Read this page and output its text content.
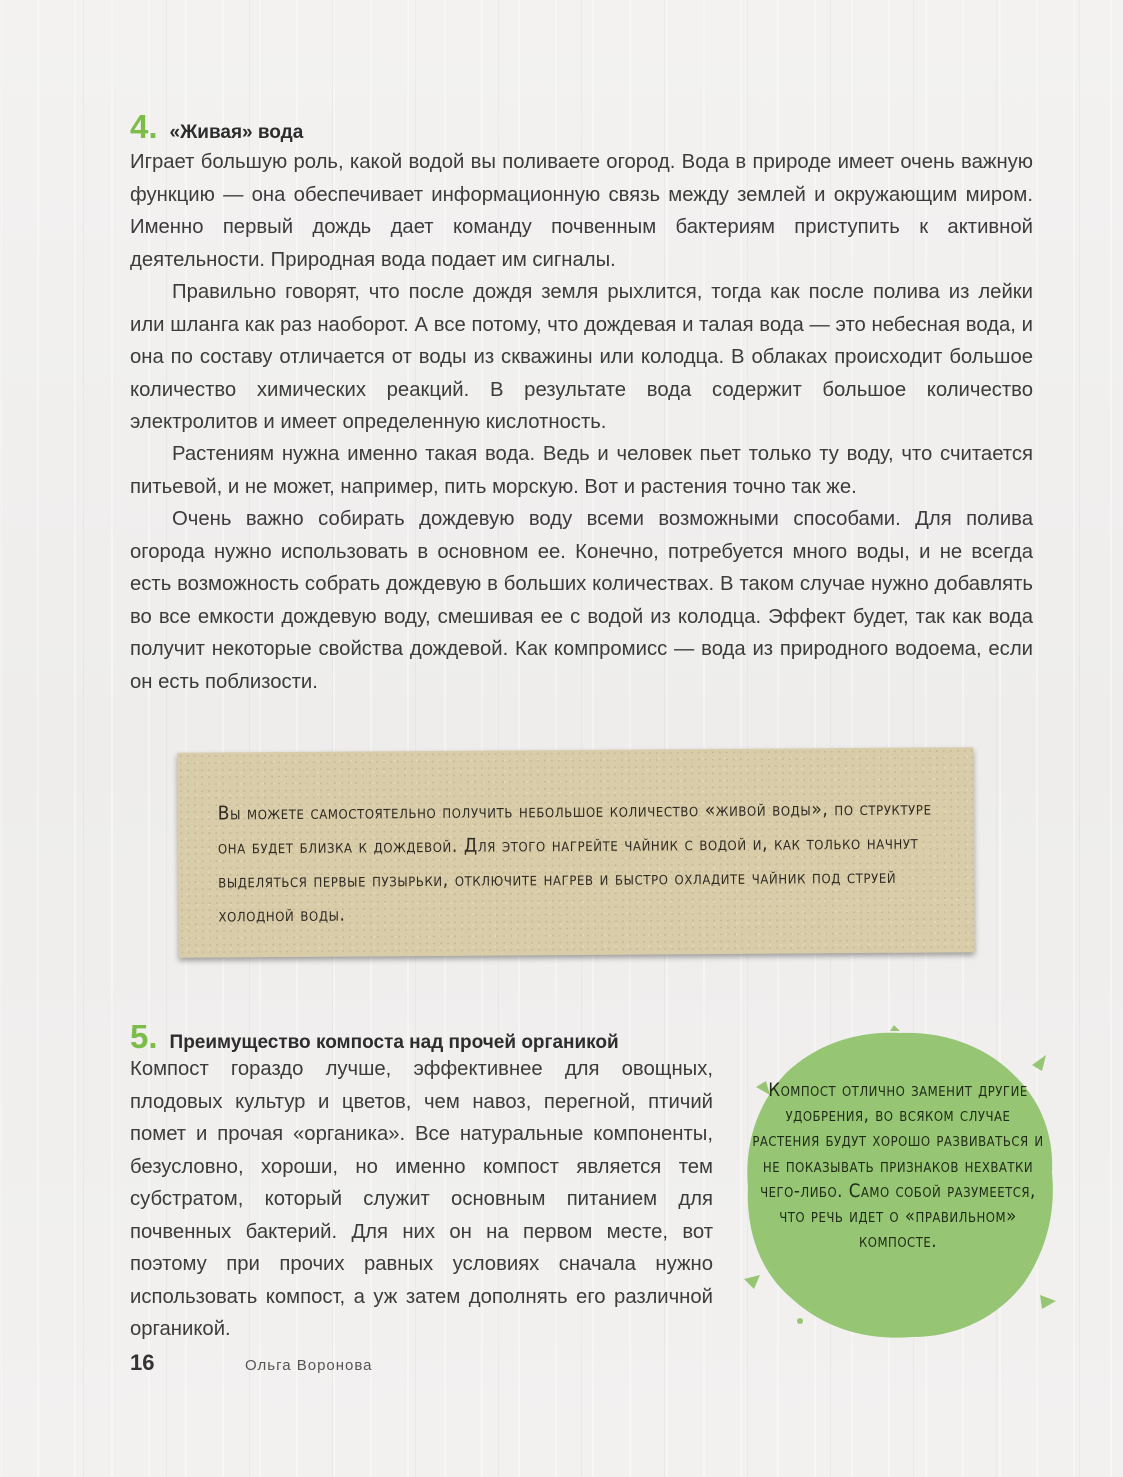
4. «Живая» вода

Играет большую роль, какой водой вы поливаете огород. Вода в природе имеет очень важную функцию — она обеспечивает информационную связь между землей и окружающим миром. Именно первый дождь дает команду почвенным бактериям приступить к активной деятельности. Природная вода подает им сигналы.

Правильно говорят, что после дождя земля рыхлится, тогда как после полива из лейки или шланга как раз наоборот. А все потому, что дождевая и талая вода — это небесная вода, и она по составу отличается от воды из скважины или колодца. В облаках происходит большое количество химических реакций. В результате вода содержит большое количество электролитов и имеет определенную кислотность.

Растениям нужна именно такая вода. Ведь и человек пьет только ту воду, что считается питьевой, и не может, например, пить морскую. Вот и растения точно так же.

Очень важно собирать дождевую воду всеми возможными способами. Для полива огорода нужно использовать в основном ее. Конечно, потребуется много воды, и не всегда есть возможность собрать дождевую в больших количествах. В таком случае нужно добавлять во все емкости дождевую воду, смешивая ее с водой из колодца. Эффект будет, так как вода получит некоторые свойства дождевой. Как компромисс — вода из природного водоема, если он есть поблизости.

Вы можете самостоятельно получить небольшое количество «живой воды», по структуре она будет близка к дождевой. Для этого нагрейте чайник с водой и, как только начнут выделяться первые пузырьки, отключите нагрев и быстро охладите чайник под струей холодной воды.

5. Преимущество компоста над прочей органикой

Компост гораздо лучше, эффективнее для овощных, плодовых культур и цветов, чем навоз, перегной, птичий помет и прочая «органика». Все натуральные компоненты, безусловно, хороши, но именно компост является тем субстратом, который служит основным питанием для почвенных бактерий. Для них он на первом месте, вот поэтому при прочих равных условиях сначала нужно использовать компост, а уж затем дополнять его различной органикой.

Компост отлично заменит другие удобрения, во всяком случае растения будут хорошо развиваться и не показывать признаков нехватки чего-либо. Само собой разумеется, что речь идет о «правильном» компосте.

16	Ольга Воронова
